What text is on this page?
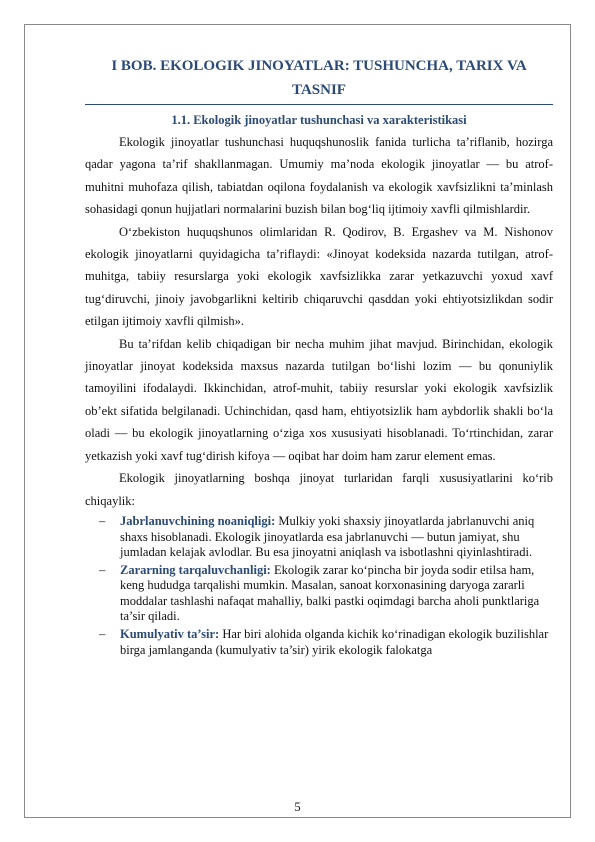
I BOB. EKOLOGIK JINOYATLAR: TUSHUNCHA, TARIX VA TASNIF
1.1. Ekologik jinoyatlar tushunchasi va xarakteristikasi

Ekologik jinoyatlar tushunchasi huquqshunoslik fanida turlicha ta’riflanib, hozirga qadar yagona ta’rif shakllanmagan. Umumiy ma’noda ekologik jinoyatlar — bu atrof-muhitni muhofaza qilish, tabiatdan oqilona foydalanish va ekologik xavfsizlikni ta’minlash sohasidagi qonun hujjatlari normalarini buzish bilan bog‘liq ijtimoiy xavfli qilmishlardir.

O‘zbekiston huquqshunos olimlaridan R. Qodirov, B. Ergashev va M. Nishonov ekologik jinoyatlarni quyidagicha ta’riflaydi: «Jinoyat kodeksida nazarda tutilgan, atrof-muhitga, tabiiy resurslarga yoki ekologik xavfsizlikka zarar yetkazuvchi yoxud xavf tug‘diruvchi, jinoiy javobgarlikni keltirib chiqaruvchi qasddan yoki ehtiyotsizlikdan sodir etilgan ijtimoiy xavfli qilmish».

Bu ta’rifdan kelib chiqadigan bir necha muhim jihat mavjud. Birinchidan, ekologik jinoyatlar jinoyat kodeksida maxsus nazarda tutilgan bo‘lishi lozim — bu qonuniylik tamoyilini ifodalaydi. Ikkinchidan, atrof-muhit, tabiiy resurslar yoki ekologik xavfsizlik ob’ekt sifatida belgilanadi. Uchinchidan, qasd ham, ehtiyotsizlik ham aybdorlik shakli bo‘la oladi — bu ekologik jinoyatlarning o‘ziga xos xususiyati hisoblanadi. To‘rtinchidan, zarar yetkazish yoki xavf tug‘dirish kifoya — oqibat har doim ham zarur element emas.

Ekologik jinoyatlarning boshqa jinoyat turlaridan farqli xususiyatlarini ko‘rib chiqaylik:

– Jabrlanuvchining noaniqligi: Mulkiy yoki shaxsiy jinoyatlarda jabrlanuvchi aniq shaxs hisoblanadi. Ekologik jinoyatlarda esa jabrlanuvchi — butun jamiyat, shu jumladan kelajak avlodlar. Bu esa jinoyatni aniqlash va isbotlashni qiyinlashtiradi.
– Zararning tarqaluvchanligi: Ekologik zarar ko‘pincha bir joyda sodir etilsa ham, keng hududga tarqalishi mumkin. Masalan, sanoat korxonasining daryoga zararli moddalar tashlashi nafaqat mahalliy, balki pastki oqimdagi barcha aholi punktlariga ta’sir qiladi.
– Kumulyativ ta’sir: Har biri alohida olganda kichik ko‘rinadigan ekologik buzilishlar birga jamlanganda (kumulyativ ta’sir) yirik ekologik falokatga
5
